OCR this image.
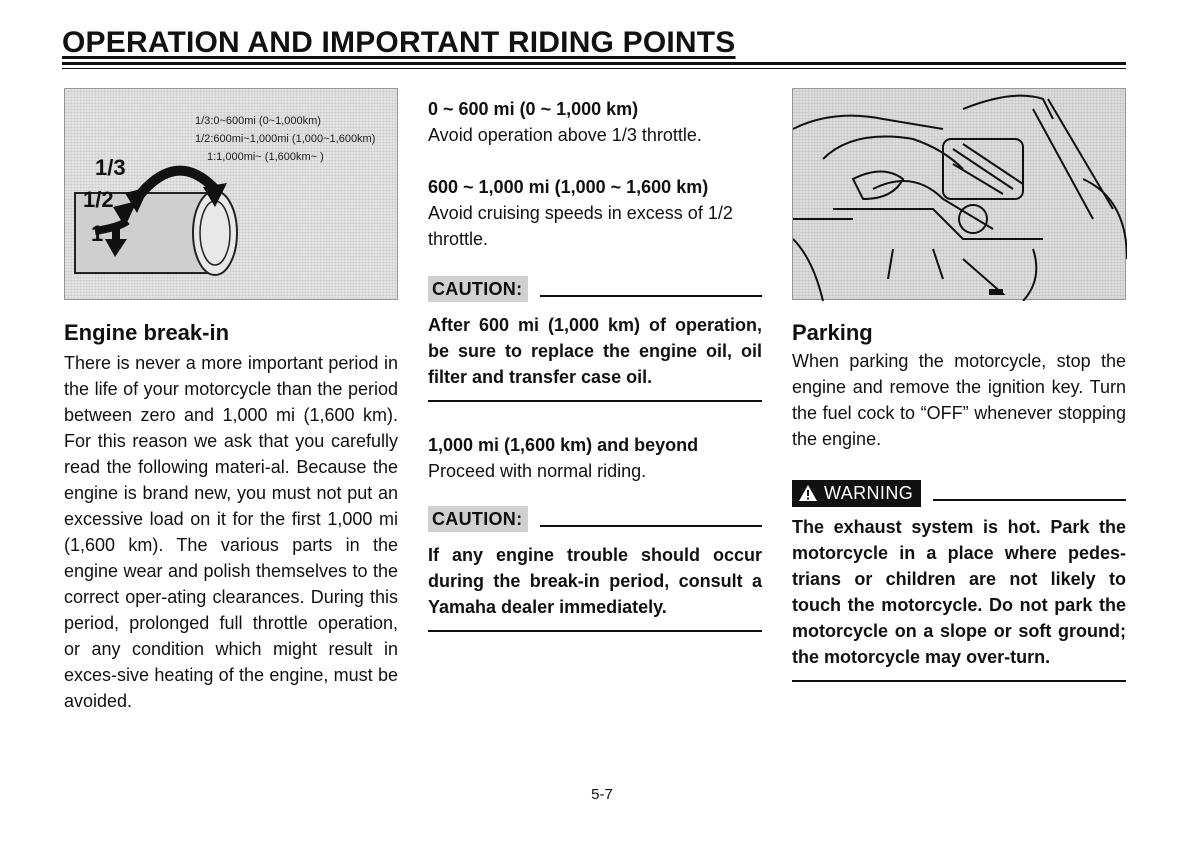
OPERATION AND IMPORTANT RIDING POINTS
1/3:0~600mi (0~1,000km)
1/2:600mi~1,000mi (1,000~1,600km)
1:1,000mi~ (1,600km~ )
1/3
1/2
1
Engine break-in

There is never a more important period in the life of your motorcycle than the period between zero and 1,000 mi (1,600 km). For this reason we ask that you carefully read the following materi-al. Because the engine is brand new, you must not put an excessive load on it for the first 1,000 mi (1,600 km). The various parts in the engine wear and polish themselves to the correct oper-ating clearances. During this period, prolonged full throttle operation, or any condition which might result in exces-sive heating of the engine, must be avoided.

0 ~ 600 mi (0 ~ 1,000 km)

Avoid operation above 1/3 throttle.

600 ~ 1,000 mi (1,000 ~ 1,600 km)

Avoid cruising speeds in excess of 1/2 throttle.

CAUTION:

After 600 mi (1,000 km) of operation, be sure to replace the engine oil, oil filter and transfer case oil.

1,000 mi (1,600 km) and beyond

Proceed with normal riding.

CAUTION:

If any engine trouble should occur during the break-in period, consult a Yamaha dealer immediately.

Parking

When parking the motorcycle, stop the engine and remove the ignition key. Turn the fuel cock to “OFF” whenever stopping the engine.

WARNING

The exhaust system is hot. Park the motorcycle in a place where pedes-trians or children are not likely to touch the motorcycle. Do not park the motorcycle on a slope or soft ground; the motorcycle may over-turn.

5-7
